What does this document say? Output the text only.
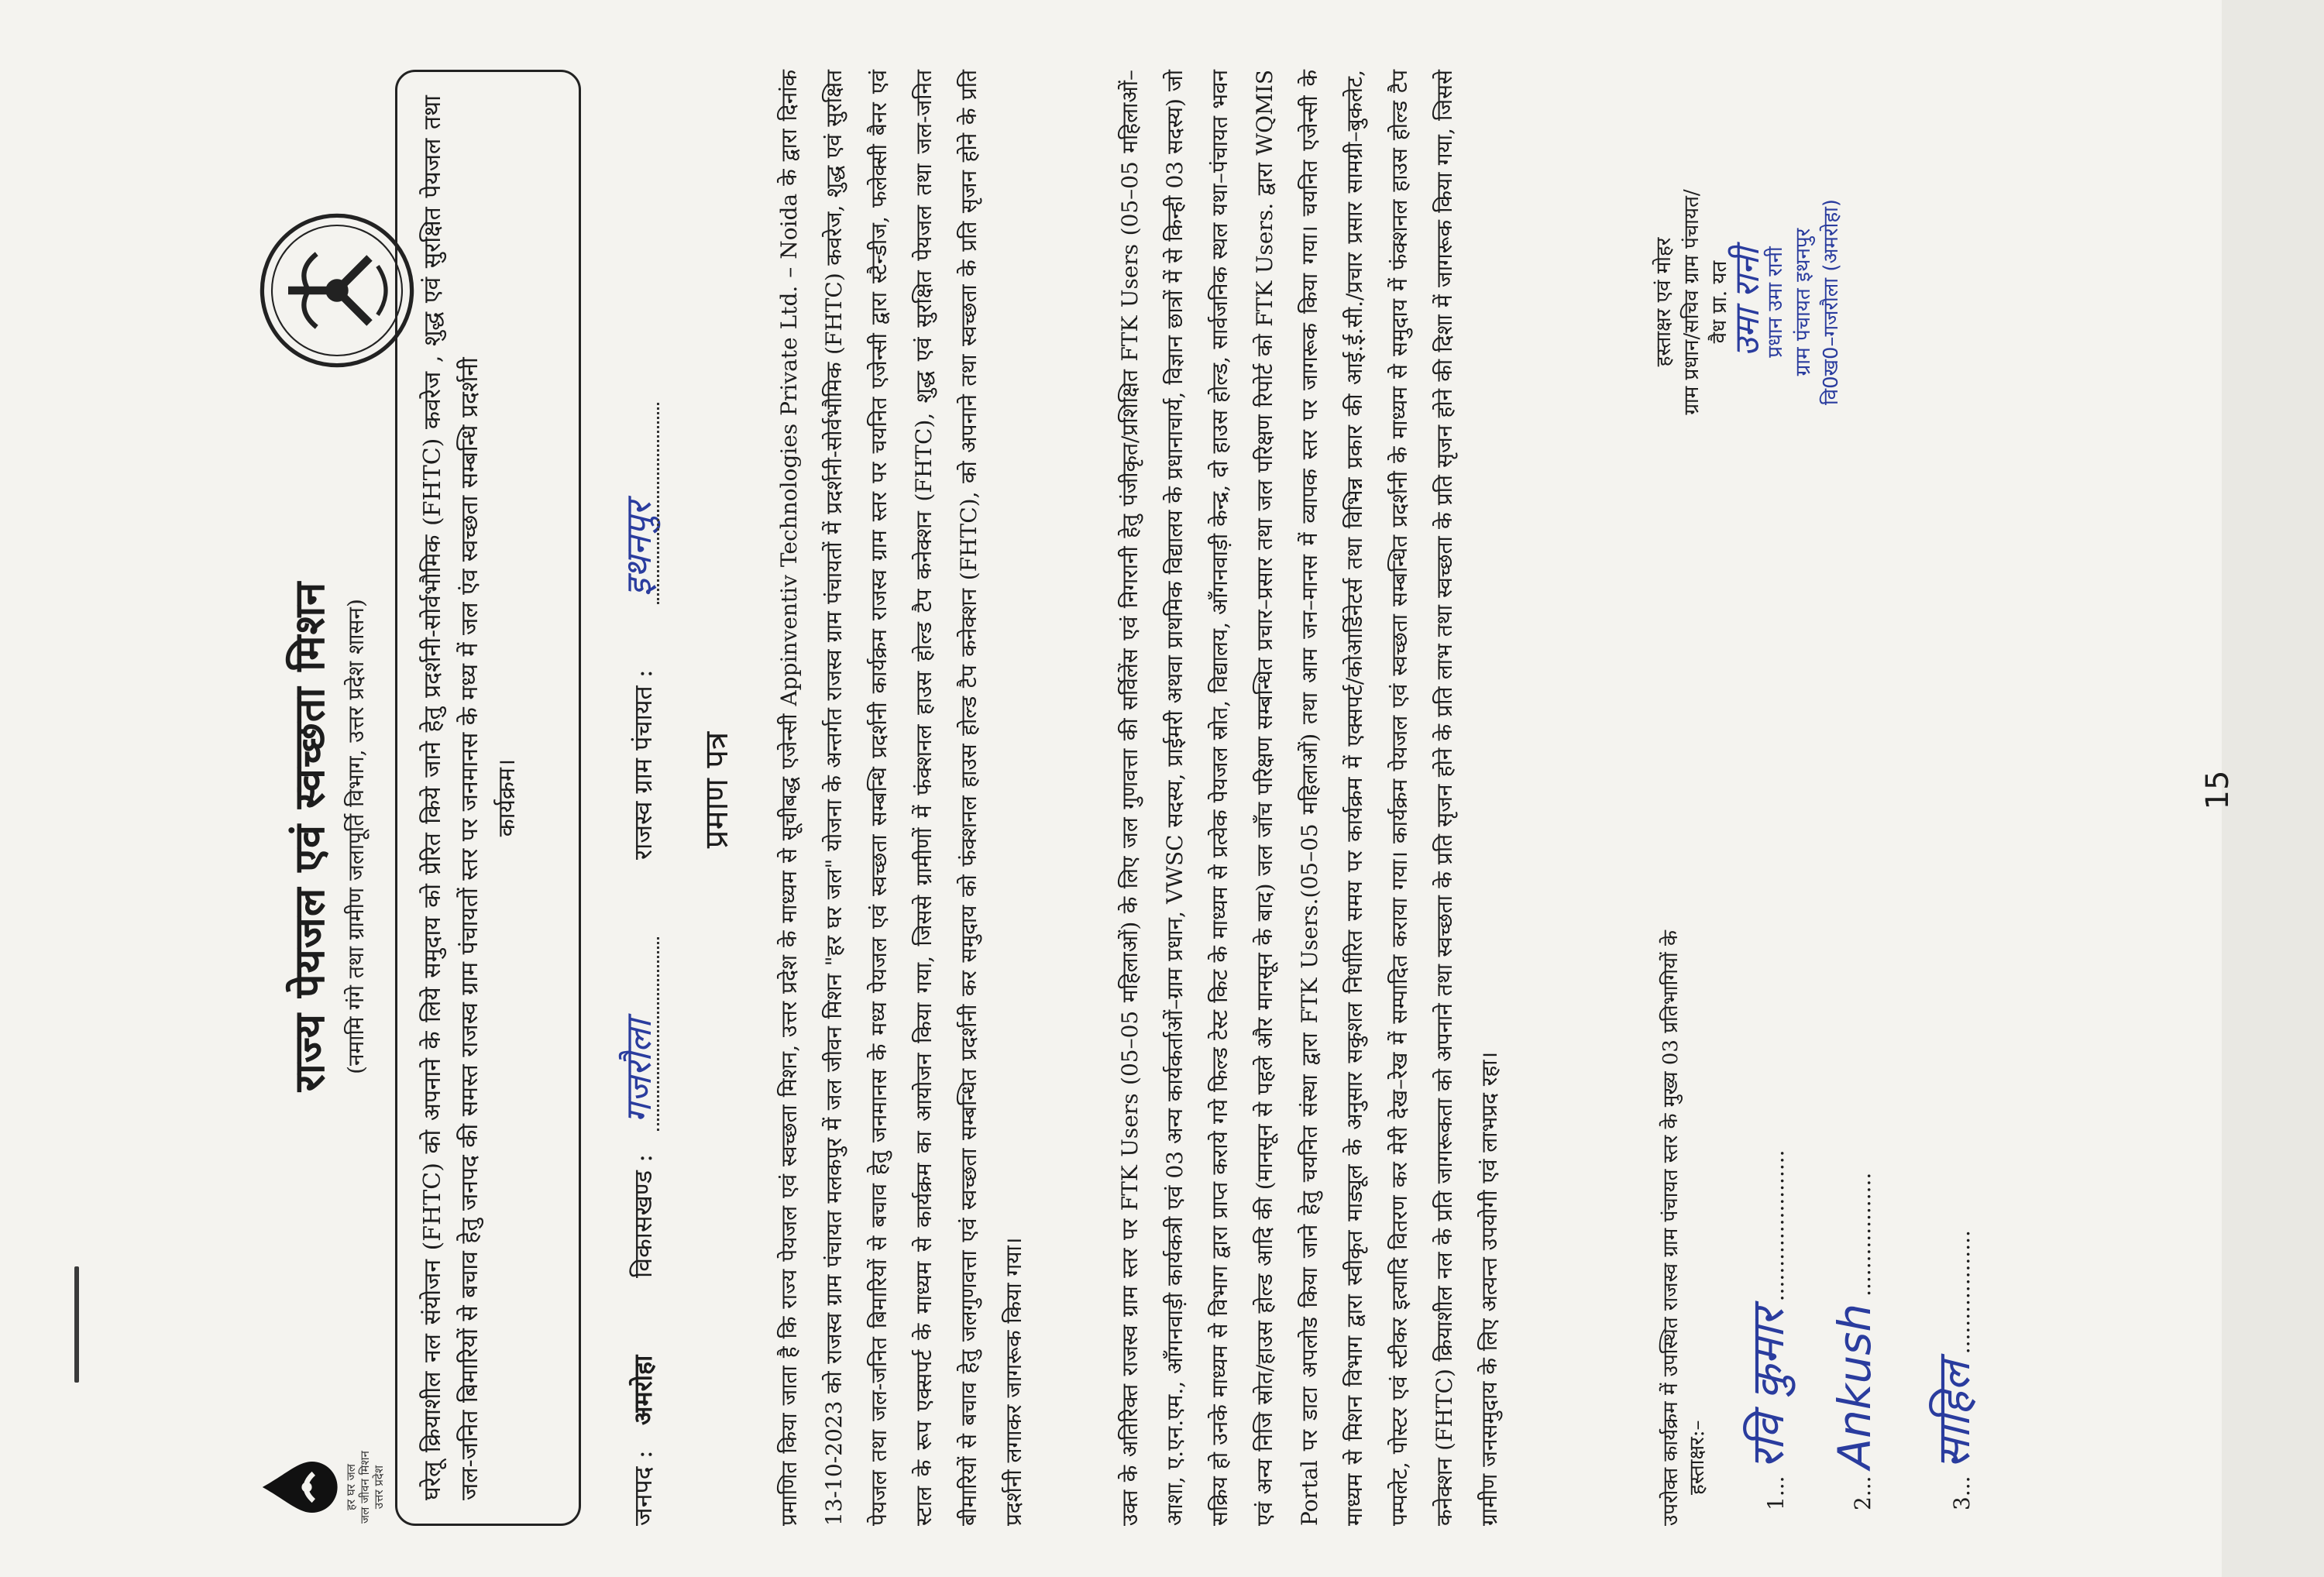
हर घर जल
जल जीवन मिशन
उत्तर प्रदेश
राज्य पेयजल एवं स्वच्छता मिशन (नमामि गंगे तथा ग्रामीण जलापूर्ति विभाग, उत्तर प्रदेश शासन)	घरेलू क्रियाशील नल संयोजन (FHTC) को अपनाने के लिये समुदाय को प्रेरित किये जाने हेतु प्रदर्शनी-सोर्वभौमिक (FHTC) कवरेज , शुद्ध एवं सुरक्षित पेयजल तथा जल-जनित बिमारियों से बचाव हेतु जनपद की समस्त राजस्व ग्राम पंचायतों स्तर पर जनमानस के मध्य में जल एंव स्वच्छता सम्बन्धि प्रदर्शनी कार्यक्रम।
जनपद :
अमरोहा
विकासखण्ड :
गजरौला
राजस्व ग्राम पंचायत :
इथनपुर
प्रमाण पत्र	प्रमाणित किया जाता है कि राज्य पेयजल एवं स्वच्छता मिशन, उत्तर प्रदेश के माध्यम से सूचीबद्ध एजेन्सी Appinventiv Technologies Private Ltd. – Noida के द्वारा दिनांक 13-10-2023 को राजस्व ग्राम पंचायत मलकपुर में जल जीवन मिशन "हर घर जल" योजना के अन्तर्गत राजस्व ग्राम पंचायतों में प्रदर्शनी-सोर्वभौमिक (FHTC) कवरेज, शुद्ध एवं सुरक्षित पेयजल तथा जल-जनित बिमारियों से बचाव हेतु जनमानस के मध्य पेयजल एवं स्वच्छता सम्बन्धि प्रदर्शनी कार्यक्रम राजस्व ग्राम स्तर पर चयनित एजेन्सी द्वारा स्टैन्डीज, फलेक्सी बैनर एवं स्टाल के रूप एक्सपर्ट के माध्यम से कार्यक्रम का आयोजन किया गया, जिससे ग्रामीणों में फंक्शनल हाउस होल्ड टैप कनेक्शन (FHTC), शुद्ध एवं सुरक्षित पेयजल तथा जल-जनित बीमारियों से बचाव हेतु जलगुणवत्ता एवं स्वच्छता सम्बन्धित प्रदर्शनी कर समुदाय को फंक्शनल हाउस होल्ड टैप कनेक्शन (FHTC), को अपनाने तथा स्वच्छता के प्रति सृजन होने के प्रति प्रदर्शनी लगाकर जागरूक किया गया।	उक्त के अतिरिक्त राजस्व ग्राम स्तर पर FTK Users (05–05 महिलाओं) के लिए जल गुणवत्ता की सर्विलेंस एवं निगरानी हेतु पंजीकृत/प्रशिक्षित FTK Users (05–05 महिलाओं–आशा, ए.एन.एम., आँगनवाड़ी कार्यकत्री एवं 03 अन्य कार्यकर्ताओं–ग्राम प्रधान, VWSC सदस्य, प्राईमरी अथवा प्राथमिक विद्यालय के प्रधानाचार्य, विज्ञान छात्रों में से किन्ही 03 सदस्य) जो सक्रिय हो उनके माध्यम से विभाग द्वारा प्राप्त कराये गये फिल्ड टेस्ट किट के माध्यम से प्रत्येक पेयजल स्रोत, विद्यालय, आँगनवाड़ी केन्द्र, दो हाउस होल्ड, सार्वजनिक स्थल यथा–पंचायत भवन एवं अन्य निजि स्रोत/हाउस होल्ड आदि की (मानसून से पहले और मानसून के बाद) जल जाँच परिक्षण सम्बन्धित प्रचार–प्रसार तथा जल परिक्षण रिपोर्ट को FTK Users. द्वारा WQMIS Portal पर डाटा अपलोड किया जाने हेतु चयनित संस्था द्वारा FTK Users.(05–05 महिलाओं) तथा आम जन–मानस में व्यापक स्तर पर जागरूक किया गया। चयनित एजेन्सी के माध्यम से मिशन विभाग द्वारा स्वीकृत माड्यूल के अनुसार सकुशल निर्धारित समय पर कार्यक्रम में एक्सपर्ट/कोआर्डिनेटर्स तथा विभिन्न प्रकार की आई.ई.सी./प्रचार प्रसार सामग्री–बुकलेट, पम्पलेट, पोस्टर एवं स्टीकर इत्यादि वितरण कर मेरी देख–रेख में सम्पादित कराया गया। कार्यक्रम पेयजल एवं स्वच्छता सम्बन्धित प्रदर्शनी के माध्यम से समुदाय में फंक्शनल हाउस होल्ड टैप कनेक्शन (FHTC) क्रियाशील नल के प्रति जागरूकता को अपनाने तथा स्वच्छता के प्रति सृजन होने के प्रति लाभ तथा स्वच्छता के प्रति सृजन होने की दिशा में जागरूक किया गया, जिससे ग्रामीण जनसमुदाय के लिए अत्यन्त उपयोगी एवं लाभप्रद रहा।	उपरोक्त कार्यक्रम में उपस्थित राजस्व ग्राम पंचायत स्तर के मुख्य 03 प्रतिभागियों के हस्ताक्षर:–	1... रवि कुमार ......................
2... Ankush ..................
3... साहिल ..................
हस्ताक्षर एवं मोहर ग्राम प्रधान/सचिव ग्राम पंचायत/ वैध प्रा. यत
उमा रानी
प्रधान उमा रानी ग्राम पंचायत इथनपुर वि0ख0–गजरौला (अमरोहा)
15
